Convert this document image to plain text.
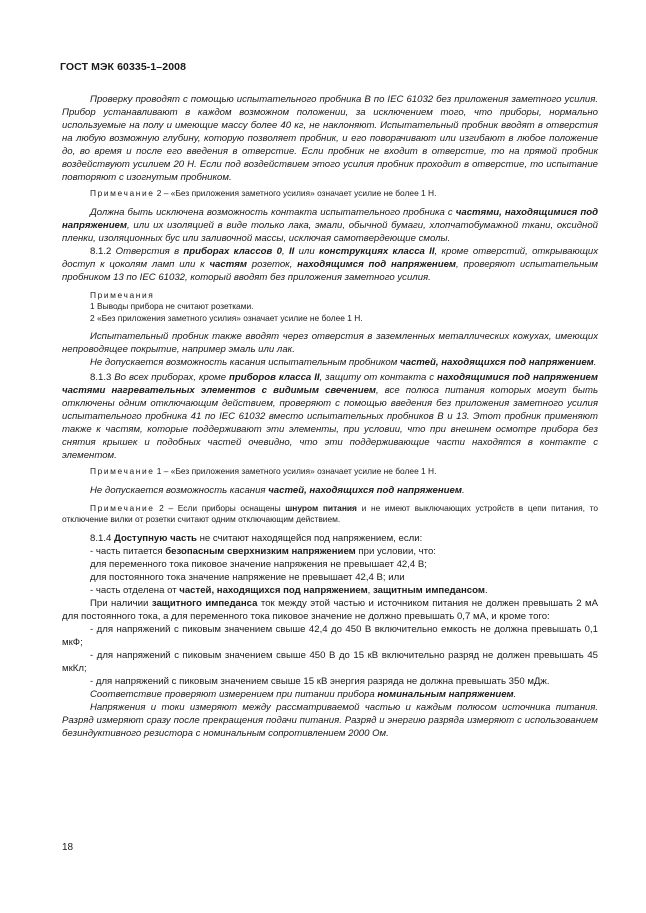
ГОСТ МЭК 60335-1–2008

Проверку проводят с помощью испытательного пробника В по IEC 61032 без приложения заметного усилия. Прибор устанавливают в каждом возможном положении, за исключением того, что приборы, нормально используемые на полу и имеющие массу более 40 кг, не наклоняют. Испытательный пробник вводят в отверстия на любую возможную глубину, которую позволяет пробник, и его поворачивают или изгибают в любое положение до, во время и после его введения в отверстие. Если пробник не входит в отверстие, то на прямой пробник воздействуют усилием 20 Н. Если под воздействием этого усилия пробник проходит в отверстие, то испытание повторяют с изогнутым пробником.

Примечание 2 – «Без приложения заметного усилия» означает усилие не более 1 Н.

Должна быть исключена возможность контакта испытательного пробника с частями, находящимися под напряжением, или их изоляцией в виде только лака, эмали, обычной бумаги, хлопчатобумажной ткани, оксидной пленки, изоляционных бус или заливочной массы, исключая самотвердеющие смолы.

8.1.2 Отверстия в приборах классов 0, II или конструкциях класса II, кроме отверстий, открывающих доступ к цоколям ламп или к частям розеток, находящимся под напряжением, проверяют испытательным пробником 13 по IEC 61032, который вводят без приложения заметного усилия.

Примечания

1 Выводы прибора не считают розетками.

2 «Без приложения заметного усилия» означает усилие не более 1 Н.

Испытательный пробник также вводят через отверстия в заземленных металлических кожухах, имеющих непроводящее покрытие, например эмаль или лак.

Не допускается возможность касания испытательным пробником частей, находящихся под напряжением.

8.1.3 Во всех приборах, кроме приборов класса II, защиту от контакта с находящимися под напряжением частями нагревательных элементов с видимым свечением, все полюса питания которых могут быть отключены одним отключающим действием, проверяют с помощью введения без приложения заметного усилия испытательного пробника 41 по IEC 61032 вместо испытательных пробников В и 13. Этот пробник применяют также к частям, которые поддерживают эти элементы, при условии, что при внешнем осмотре прибора без снятия крышек и подобных частей очевидно, что эти поддерживающие части находятся в контакте с элементом.

Примечание 1 – «Без приложения заметного усилия» означает усилие не более 1 Н.

Не допускается возможность касания частей, находящихся под напряжением.

Примечание 2 – Если приборы оснащены шнуром питания и не имеют выключающих устройств в цепи питания, то отключение вилки от розетки считают одним отключающим действием.

8.1.4 Доступную часть не считают находящейся под напряжением, если:

- часть питается безопасным сверхнизким напряжением при условии, что:

для переменного тока пиковое значение напряжения не превышает 42,4 В;

для постоянного тока значение напряжение не превышает 42,4 В; или

- часть отделена от частей, находящихся под напряжением, защитным импедансом.

При наличии защитного импеданса ток между этой частью и источником питания не должен превышать 2 мА для постоянного тока, а для переменного тока пиковое значение не должно превышать 0,7 мА, и кроме того:

- для напряжений с пиковым значением свыше 42,4 до 450 В включительно емкость не должна превышать 0,1 мкФ;

- для напряжений с пиковым значением свыше 450 В до 15 кВ включительно разряд не должен превышать 45 мкКл;

- для напряжений с пиковым значением свыше 15 кВ энергия разряда не должна превышать 350 мДж.

Соответствие проверяют измерением при питании прибора номинальным напряжением.

Напряжения и токи измеряют между рассматриваемой частью и каждым полюсом источника питания. Разряд измеряют сразу после прекращения подачи питания. Разряд и энергию разряда измеряют с использованием безиндуктивного резистора с номинальным сопротивлением 2000 Ом.

18
